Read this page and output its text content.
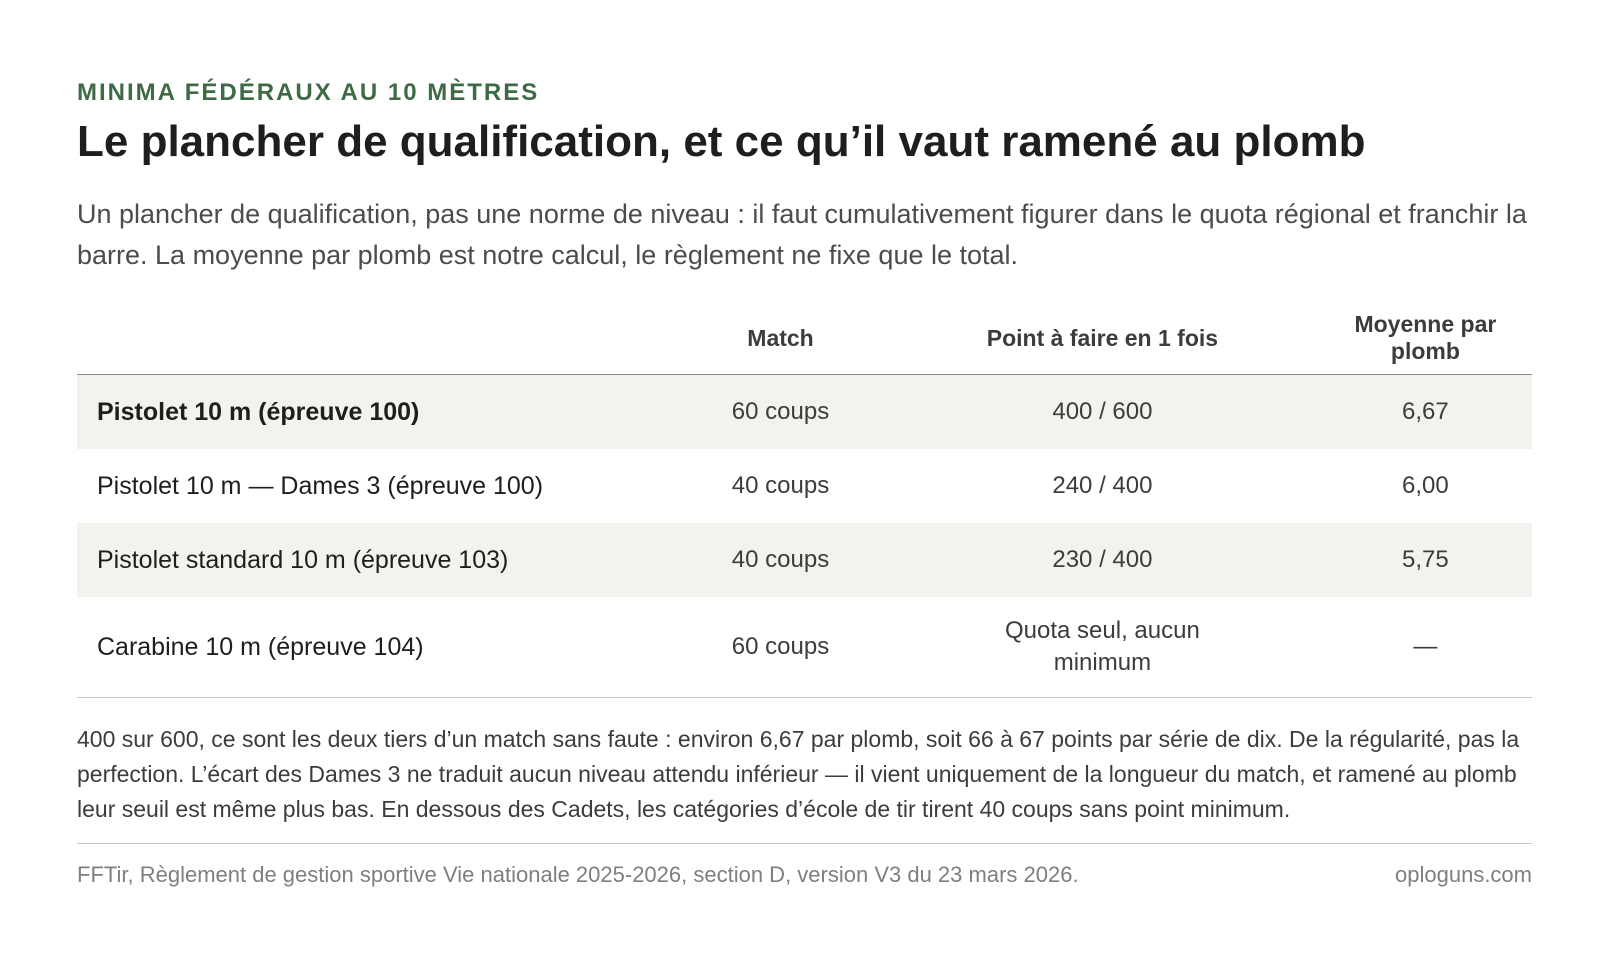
MINIMA FÉDÉRAUX AU 10 MÈTRES

Le plancher de qualification, et ce qu’il vaut ramené au plomb

Un plancher de qualification, pas une norme de niveau : il faut cumulativement figurer dans le quota régional et franchir la barre. La moyenne par plomb est notre calcul, le règlement ne fixe que le total.

	Match	Point à faire en 1 fois	Moyenne par plomb
Pistolet 10 m (épreuve 100)	60 coups	400 / 600	6,67
Pistolet 10 m — Dames 3 (épreuve 100)	40 coups	240 / 400	6,00
Pistolet standard 10 m (épreuve 103)	40 coups	230 / 400	5,75
Carabine 10 m (épreuve 104)	60 coups	Quota seul, aucun minimum	—

400 sur 600, ce sont les deux tiers d’un match sans faute : environ 6,67 par plomb, soit 66 à 67 points par série de dix. De la régularité, pas la perfection. L’écart des Dames 3 ne traduit aucun niveau attendu inférieur — il vient uniquement de la longueur du match, et ramené au plomb leur seuil est même plus bas. En dessous des Cadets, les catégories d’école de tir tirent 40 coups sans point minimum.

FFTir, Règlement de gestion sportive Vie nationale 2025-2026, section D, version V3 du 23 mars 2026.	oploguns.com
